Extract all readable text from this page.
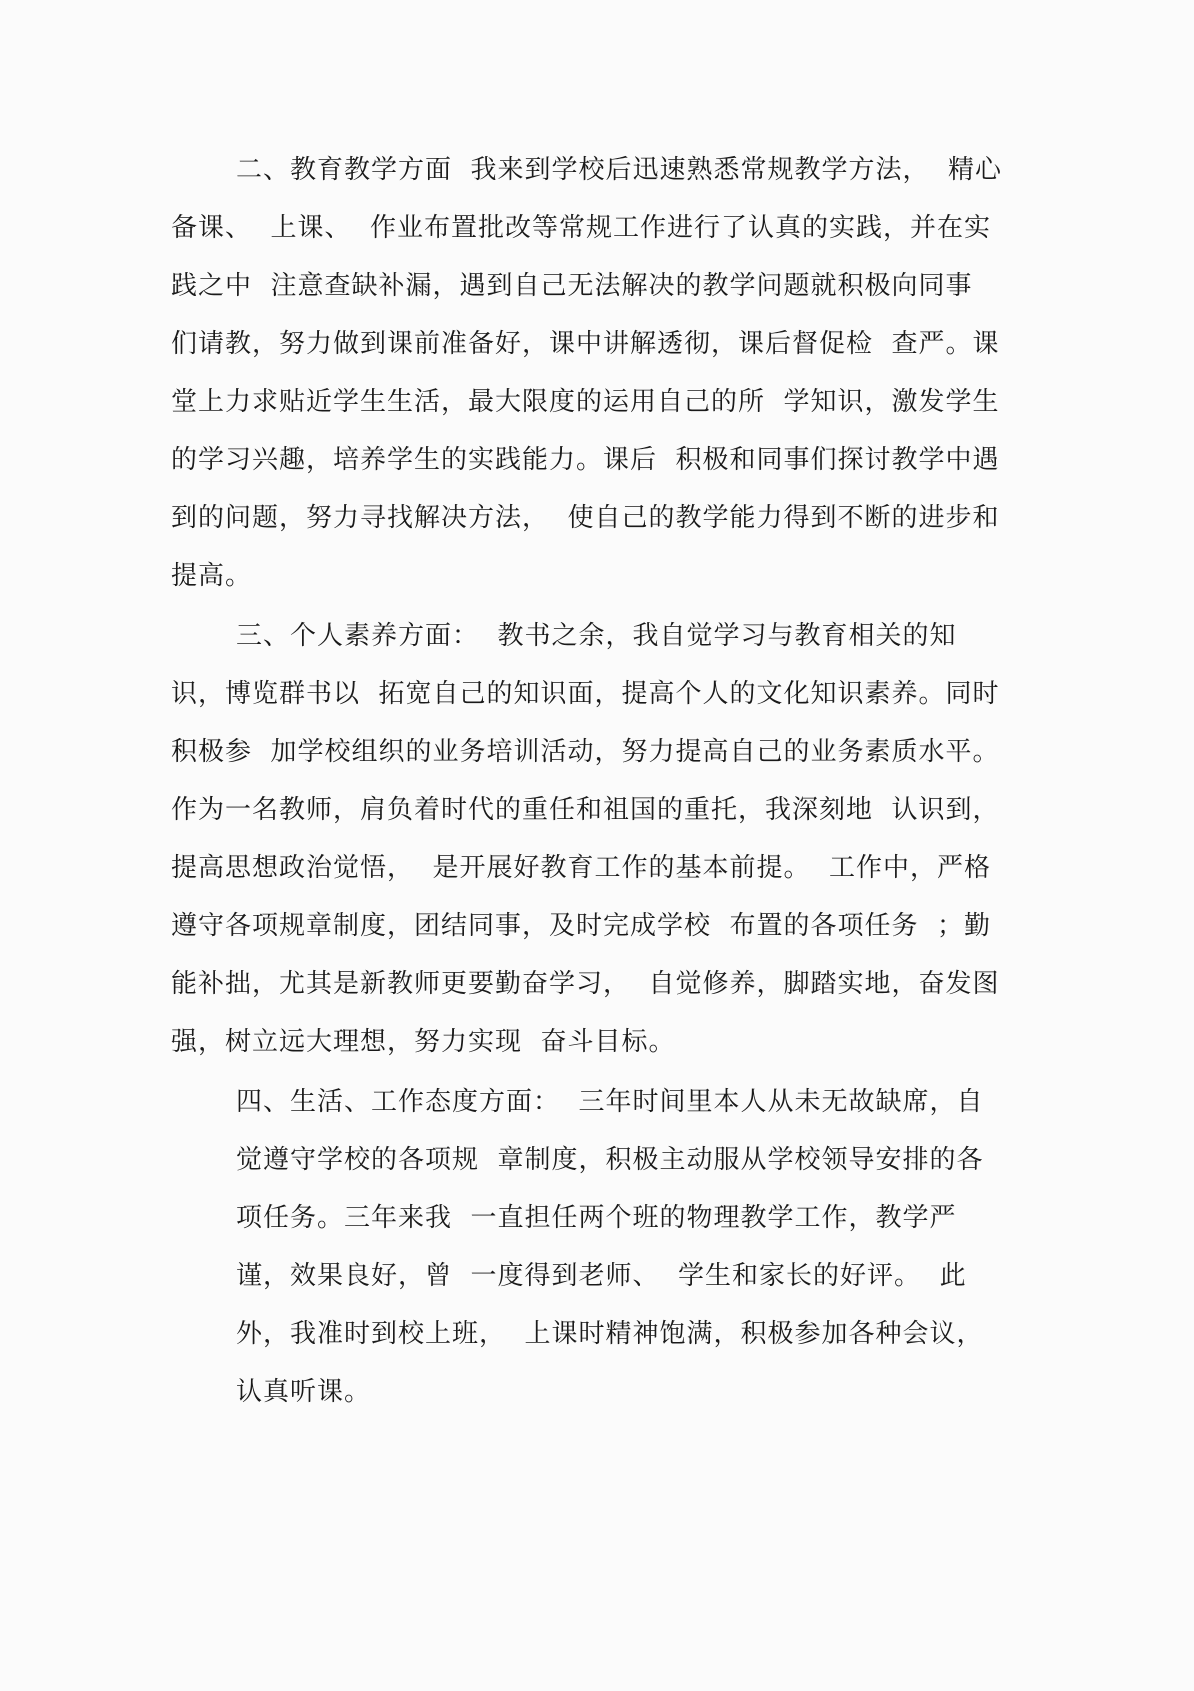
二、教育教学方面  我来到学校后迅速熟悉常规教学方法，  精心
备课、  上课、  作业布置批改等常规工作进行了认真的实践，并在实
践之中  注意查缺补漏，遇到自己无法解决的教学问题就积极向同事
们请教，努力做到课前准备好，课中讲解透彻，课后督促检  查严。课
堂上力求贴近学生生活，最大限度的运用自己的所  学知识，激发学生
的学习兴趣，培养学生的实践能力。课后  积极和同事们探讨教学中遇
到的问题，努力寻找解决方法，  使自己的教学能力得到不断的进步和
提高。
三、个人素养方面：  教书之余，我自觉学习与教育相关的知
识，博览群书以  拓宽自己的知识面，提高个人的文化知识素养。同时
积极参  加学校组织的业务培训活动，努力提高自己的业务素质水平。
作为一名教师，肩负着时代的重任和祖国的重托，我深刻地  认识到，
提高思想政治觉悟，  是开展好教育工作的基本前提。  工作中，严格
遵守各项规章制度，团结同事，及时完成学校  布置的各项任务  ；勤
能补拙，尤其是新教师更要勤奋学习，  自觉修养，脚踏实地，奋发图
强，树立远大理想，努力实现  奋斗目标。
四、生活、工作态度方面：  三年时间里本人从未无故缺席，自
觉遵守学校的各项规  章制度，积极主动服从学校领导安排的各
项任务。三年来我  一直担任两个班的物理教学工作，教学严
谨，效果良好，曾  一度得到老师、  学生和家长的好评。  此
外，我准时到校上班，  上课时精神饱满，积极参加各种会议，
认真听课。
